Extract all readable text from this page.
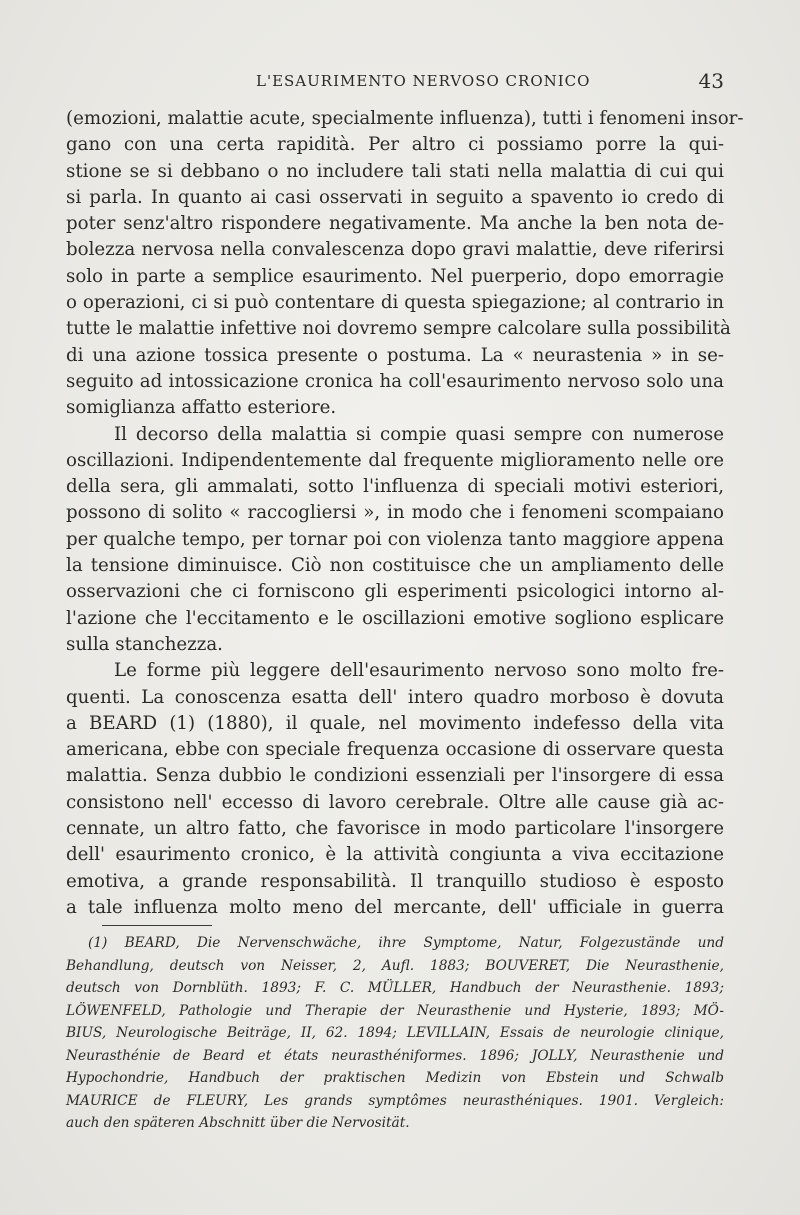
L'ESAURIMENTO NERVOSO CRONICO	43
(emozioni, malattie acute, specialmente influenza), tutti i fenomeni insor-
gano con una certa rapidità. Per altro ci possiamo porre la qui-
stione se si debbano o no includere tali stati nella malattia di cui qui
si parla. In quanto ai casi osservati in seguito a spavento io credo di
poter senz'altro rispondere negativamente. Ma anche la ben nota de-
bolezza nervosa nella convalescenza dopo gravi malattie, deve riferirsi
solo in parte a semplice esaurimento. Nel puerperio, dopo emorragie
o operazioni, ci si può contentare di questa spiegazione; al contrario in
tutte le malattie infettive noi dovremo sempre calcolare sulla possibilità
di una azione tossica presente o postuma. La « neurastenia » in se-
seguito ad intossicazione cronica ha coll'esaurimento nervoso solo una
somiglianza affatto esteriore.
Il decorso della malattia si compie quasi sempre con numerose
oscillazioni. Indipendentemente dal frequente miglioramento nelle ore
della sera, gli ammalati, sotto l'influenza di speciali motivi esteriori,
possono di solito « raccogliersi », in modo che i fenomeni scompaiano
per qualche tempo, per tornar poi con violenza tanto maggiore appena
la tensione diminuisce. Ciò non costituisce che un ampliamento delle
osservazioni che ci forniscono gli esperimenti psicologici intorno al-
l'azione che l'eccitamento e le oscillazioni emotive sogliono esplicare
sulla stanchezza.
Le forme più leggere dell'esaurimento nervoso sono molto fre-
quenti. La conoscenza esatta dell' intero quadro morboso è dovuta
a BEARD (1) (1880), il quale, nel movimento indefesso della vita
americana, ebbe con speciale frequenza occasione di osservare questa
malattia. Senza dubbio le condizioni essenziali per l'insorgere di essa
consistono nell' eccesso di lavoro cerebrale. Oltre alle cause già ac-
cennate, un altro fatto, che favorisce in modo particolare l'insorgere
dell' esaurimento cronico, è la attività congiunta a viva eccitazione
emotiva, a grande responsabilità. Il tranquillo studioso è esposto
a tale influenza molto meno del mercante, dell' ufficiale in guerra
(1) BEARD, Die Nervenschwäche, ihre Symptome, Natur, Folgezustände und
Behandlung, deutsch von Neisser, 2, Aufl. 1883; BOUVERET, Die Neurasthenie,
deutsch von Dornblüth. 1893; F. C. MÜLLER, Handbuch der Neurasthenie. 1893;
LÖWENFELD, Pathologie und Therapie der Neurasthenie und Hysterie, 1893; MÖ-
BIUS, Neurologische Beiträge, II, 62. 1894; LEVILLAIN, Essais de neurologie clinique,
Neurasthénie de Beard et états neurasthéniformes. 1896; JOLLY, Neurasthenie und
Hypochondrie, Handbuch der praktischen Medizin von Ebstein und Schwalb
MAURICE de FLEURY, Les grands symptômes neurasthéniques. 1901. Vergleich:
auch den späteren Abschnitt über die Nervosität.
